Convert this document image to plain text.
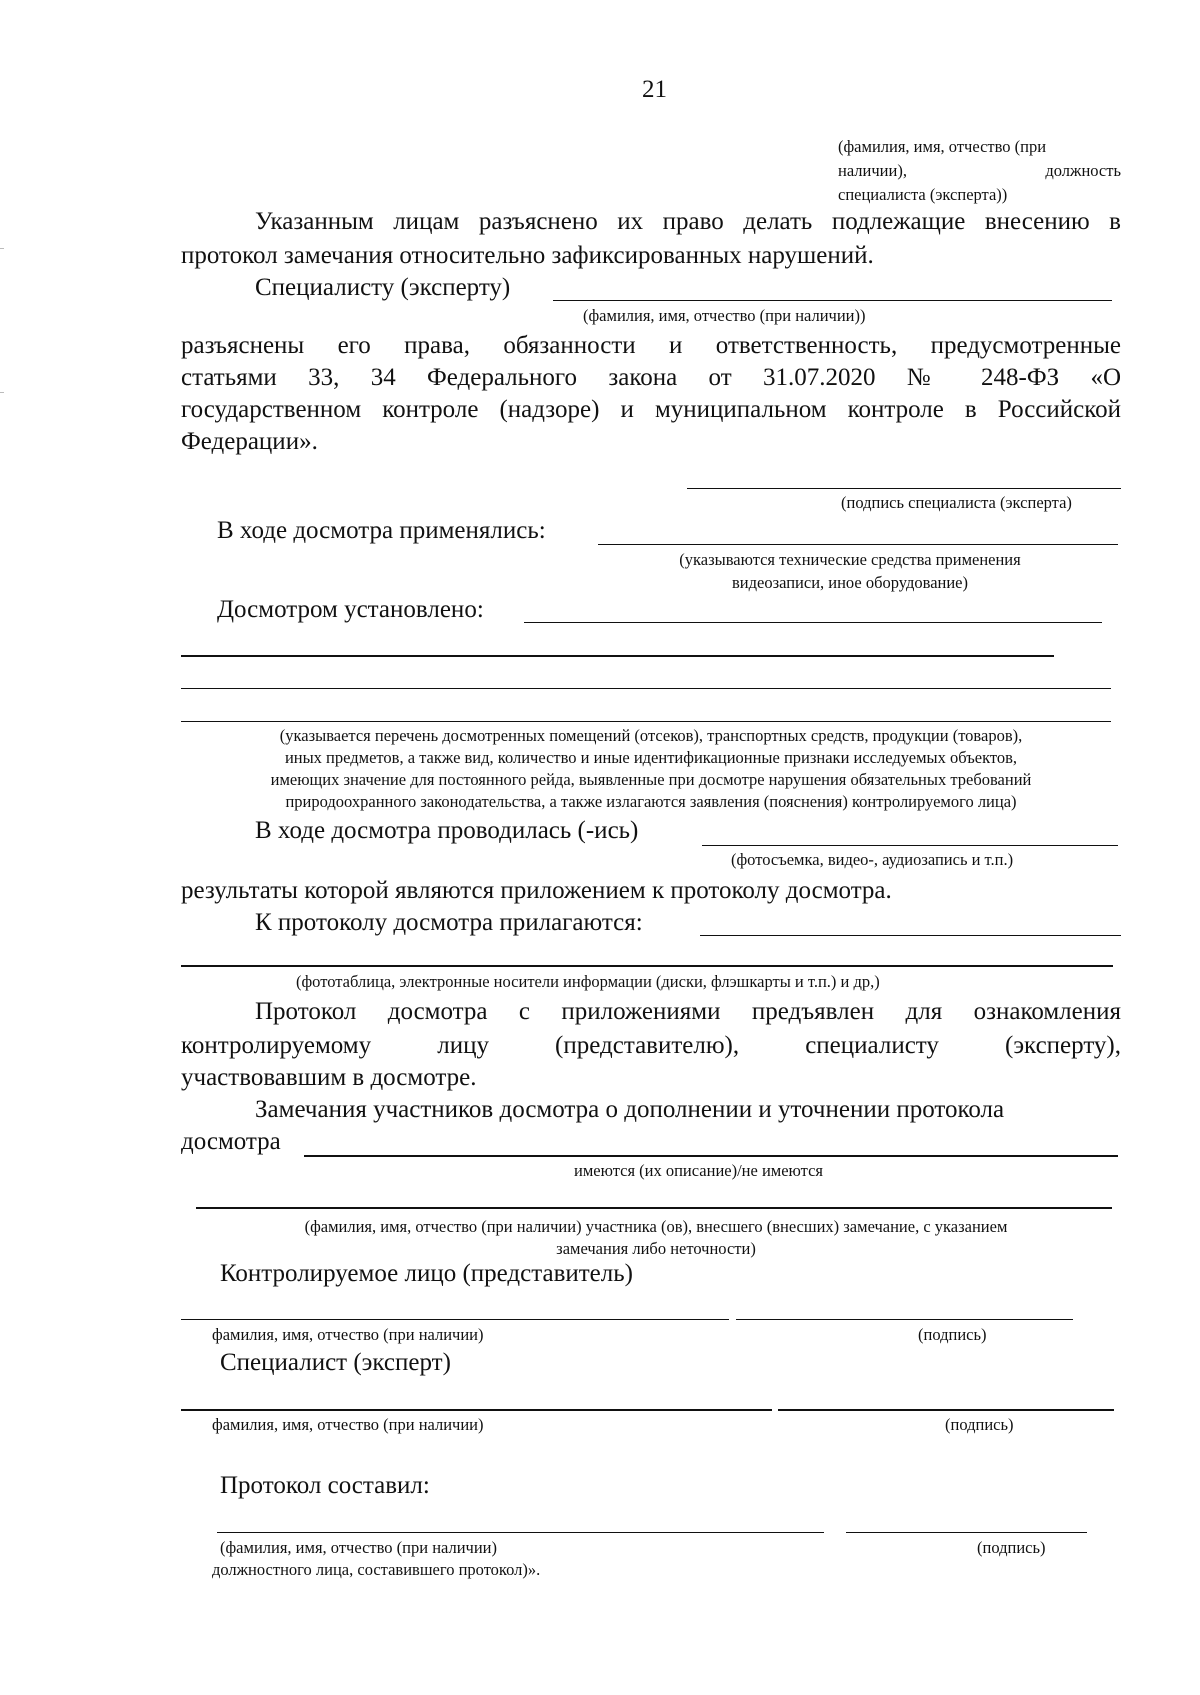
21
(фамилия, имя, отчество (при
наличии), должность
специалиста (эксперта))
Указанным лицам разъяснено их право делать подлежащие внесению в
протокол замечания относительно зафиксированных нарушений.
Специалисту (эксперту)
(фамилия, имя, отчество (при наличии))
разъяснены его права, обязанности и ответственность, предусмотренные
статьями 33, 34 Федерального закона от 31.07.2020 № 248-ФЗ «О
государственном контроле (надзоре) и муниципальном контроле в Российской
Федерации».
(подпись специалиста (эксперта)
В ходе досмотра применялись:
(указываются технические средства применения
видеозаписи, иное оборудование)
Досмотром установлено:
(указывается перечень досмотренных помещений (отсеков), транспортных средств, продукции (товаров),
иных предметов, а также вид, количество и иные идентификационные признаки исследуемых объектов,
имеющих значение для постоянного рейда, выявленные при досмотре нарушения обязательных требований
природоохранного законодательства, а также излагаются заявления (пояснения) контролируемого лица)
В ходе досмотра проводилась (-ись)
(фотосъемка, видео-, аудиозапись и т.п.)
результаты которой являются приложением к протоколу досмотра.
К протоколу досмотра прилагаются:
(фототаблица, электронные носители информации (диски, флэшкарты и т.п.) и др,)
Протокол досмотра с приложениями предъявлен для ознакомления
контролируемому лицу (представителю), специалисту (эксперту),
участвовавшим в досмотре.
Замечания участников досмотра о дополнении и уточнении протокола
досмотра
имеются (их описание)/не имеются
(фамилия, имя, отчество (при наличии) участника (ов), внесшего (внесших) замечание, с указанием
замечания либо неточности)
Контролируемое лицо (представитель)
фамилия, имя, отчество (при наличии)	(подпись)
Специалист (эксперт)
фамилия, имя, отчество (при наличии)	(подпись)
Протокол составил:
(фамилия, имя, отчество (при наличии)
должностного лица, составившего протокол)».
(подпись)
